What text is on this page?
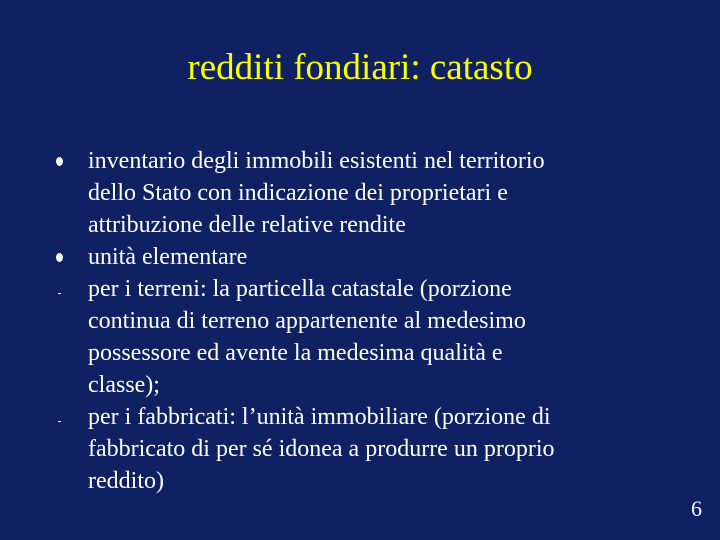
redditi fondiari: catasto
inventario degli immobili esistenti nel territorio
dello Stato con indicazione dei proprietari e
attribuzione delle relative rendite
unità elementare
per i terreni: la particella catastale (porzione
continua di terreno appartenente al medesimo
possessore ed avente la medesima qualità e
classe);
per i fabbricati: l’unità immobiliare (porzione di
fabbricato di per sé idonea a produrre un proprio
reddito)
6
